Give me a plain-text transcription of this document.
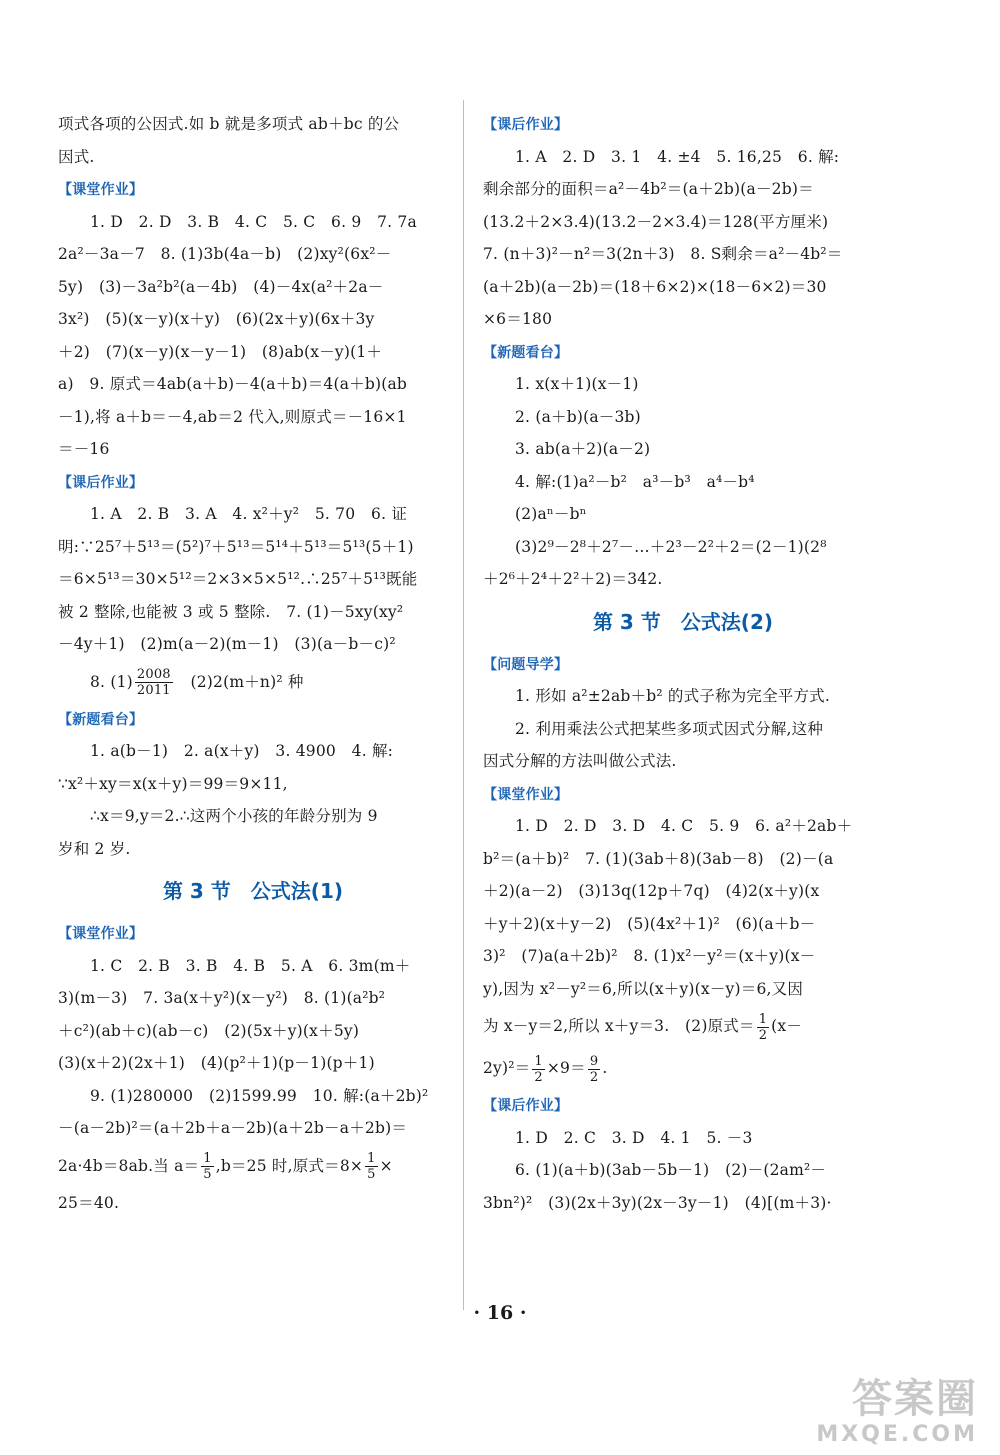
项式各项的公因式.如 b 就是多项式 ab＋bc 的公
因式.
【课堂作业】
1. D　2. D　3. B　4. C　5. C　6. 9　7. 7a
2a²－3a－7　8. (1)3b(4a－b)　(2)xy²(6x²－
5y)　(3)－3a²b²(a－4b)　(4)－4x(a²＋2a－
3x²)　(5)(x－y)(x＋y)　(6)(2x＋y)(6x＋3y
＋2)　(7)(x－y)(x－y－1)　(8)ab(x－y)(1＋
a)　9. 原式＝4ab(a＋b)－4(a＋b)＝4(a＋b)(ab
－1),将 a＋b＝－4,ab＝2 代入,则原式＝－16×1
＝－16
【课后作业】
1. A　2. B　3. A　4. x²＋y²　5. 70　6. 证
明:∵25⁷＋5¹³＝(5²)⁷＋5¹³＝5¹⁴＋5¹³＝5¹³(5＋1)
＝6×5¹³＝30×5¹²＝2×3×5×5¹².∴25⁷＋5¹³既能
被 2 整除,也能被 3 或 5 整除.　7. (1)－5xy(xy²
－4y＋1)　(2)m(a－2)(m－1)　(3)(a－b－c)²
8. $(1) \frac{2008}{2011}$ 　(2)2(m＋n)² 种
【新题看台】
1. a(b－1)　2. a(x＋y)　3. 4900　4. 解:
∵x²＋xy＝x(x＋y)＝99＝9×11,
∴x＝9,y＝2.∴这两个小孩的年龄分别为 9
岁和 2 岁.
第 3 节　公式法(1)
【课堂作业】
1. C　2. B　3. B　4. B　5. A　6. 3m(m＋
3)(m－3)　7. 3a(x＋y²)(x－y²)　8. (1)(a²b²
＋c²)(ab＋c)(ab－c)　(2)(5x＋y)(x＋5y)
(3)(x＋2)(2x＋1)　(4)(p²＋1)(p－1)(p＋1)
9. (1)280000　(2)1599.99　10. 解:(a＋2b)²
－(a－2b)²＝(a＋2b＋a－2b)(a＋2b－a＋2b)＝
2a·4b＝8ab.当 $a= \frac{1}{5} ,b=25$ 时,原式$=8\times \frac{1}{5}$ ×
25＝40.
【课后作业】
1. A　2. D　3. 1　4. ±4　5. 16,25　6. 解:
剩余部分的面积＝a²－4b²＝(a＋2b)(a－2b)＝
(13.2＋2×3.4)(13.2－2×3.4)＝128(平方厘米)
7. (n＋3)²－n²＝3(2n＋3)　8. S剩余＝a²－4b²＝
(a＋2b)(a－2b)＝(18＋6×2)×(18－6×2)＝30
×6＝180
【新题看台】
1. x(x＋1)(x－1)
2. (a＋b)(a－3b)
3. ab(a＋2)(a－2)
4. 解:(1)a²－b²　a³－b³　a⁴－b⁴
(2)aⁿ－bⁿ
(3)2⁹－2⁸＋2⁷－…＋2³－2²＋2＝(2－1)(2⁸
＋2⁶＋2⁴＋2²＋2)＝342.
第 3 节　公式法(2)
【问题导学】
1. 形如 a²±2ab＋b² 的式子称为完全平方式.
2. 利用乘法公式把某些多项式因式分解,这种
因式分解的方法叫做公式法.
【课堂作业】
1. D　2. D　3. D　4. C　5. 9　6. a²＋2ab＋
b²＝(a＋b)²　7. (1)(3ab＋8)(3ab－8)　(2)－(a
＋2)(a－2)　(3)13q(12p＋7q)　(4)2(x＋y)(x
＋y＋2)(x＋y－2)　(5)(4x²＋1)²　(6)(a＋b－
3)²　(7)a(a＋2b)²　8. (1)x²－y²＝(x＋y)(x－
y),因为 x²－y²＝6,所以(x＋y)(x－y)＝6,又因
为 x－y＝2,所以 x＋y＝3.　(2)原式＝ $\frac{1}{2} (x-$
$2y)^2= \frac{1}{2} \times 9= \frac{9}{2}$ .
【课后作业】
1. D　2. C　3. D　4. 1　5. －3
6. (1)(a＋b)(3ab－5b－1)　(2)－(2am²－
3bn²)²　(3)(2x＋3y)(2x－3y－1)　(4)[(m＋3)·
· 16 ·
答案圈
MXQE.COM
